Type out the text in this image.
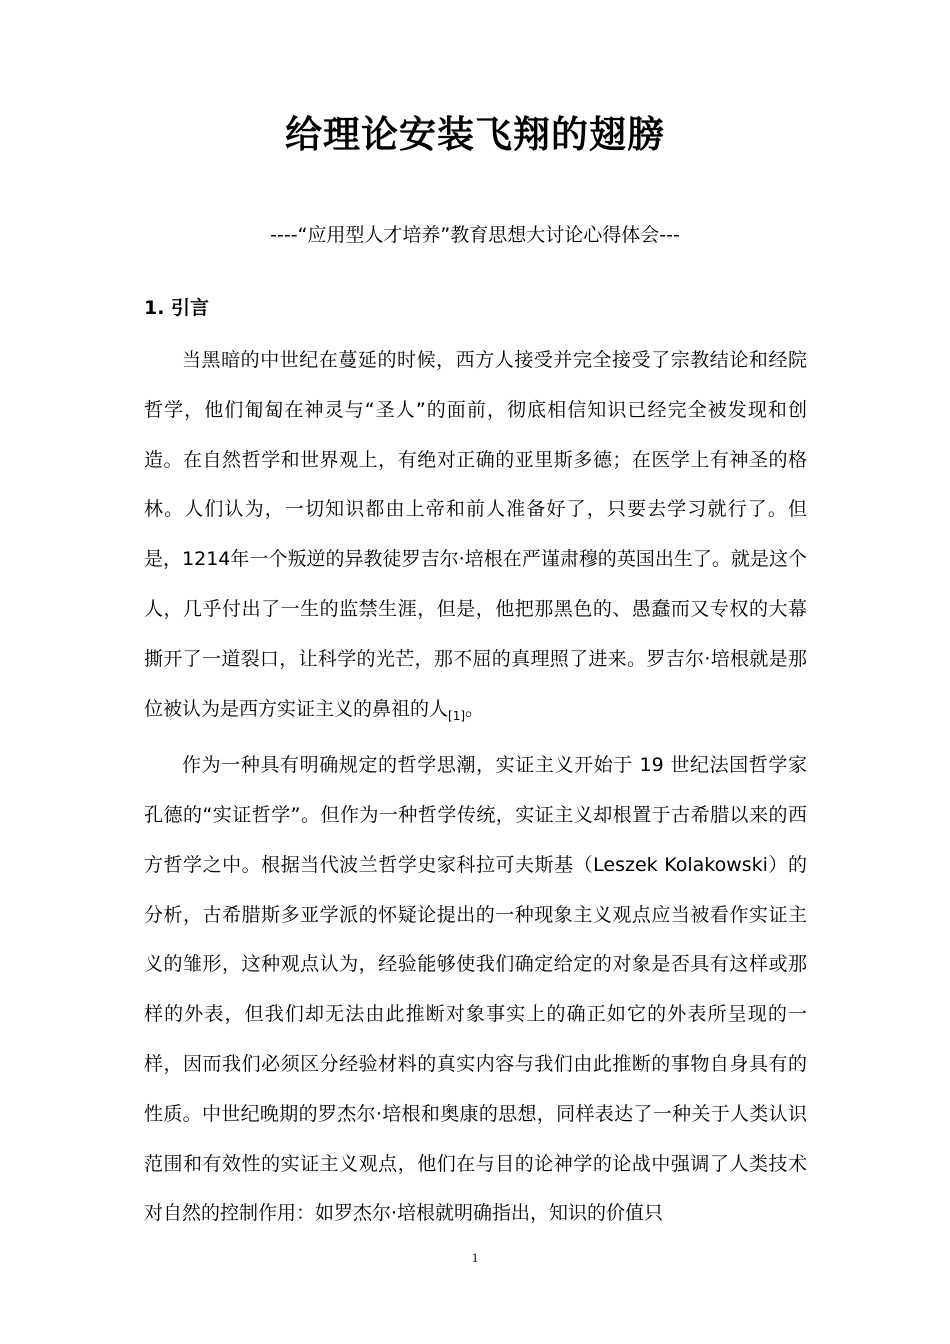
给理论安装飞翔的翅膀
----“应用型人才培养”教育思想大讨论心得体会---
1. 引言

当黑暗的中世纪在蔓延的时候，西方人接受并完全接受了宗教结论和经院哲学，他们匍匐在神灵与“圣人”的面前，彻底相信知识已经完全被发现和创造。在自然哲学和世界观上，有绝对正确的亚里斯多德；在医学上有神圣的格林。人们认为，一切知识都由上帝和前人准备好了，只要去学习就行了。但是，1214年一个叛逆的异教徒罗吉尔·培根在严谨肃穆的英国出生了。就是这个人，几乎付出了一生的监禁生涯，但是，他把那黑色的、愚蠢而又专权的大幕撕开了一道裂口，让科学的光芒，那不屈的真理照了进来。罗吉尔·培根就是那位被认为是西方实证主义的鼻祖的人$_{[1]}$。

作为一种具有明确规定的哲学思潮，实证主义开始于 19 世纪法国哲学家孔德的“实证哲学”。但作为一种哲学传统，实证主义却根置于古希腊以来的西方哲学之中。根据当代波兰哲学史家科拉可夫斯基（Leszek Kolakowski）的分析，古希腊斯多亚学派的怀疑论提出的一种现象主义观点应当被看作实证主义的雏形，这种观点认为，经验能够使我们确定给定的对象是否具有这样或那样的外表，但我们却无法由此推断对象事实上的确正如它的外表所呈现的一样，因而我们必须区分经验材料的真实内容与我们由此推断的事物自身具有的性质。中世纪晚期的罗杰尔·培根和奥康的思想，同样表达了一种关于人类认识范围和有效性的实证主义观点，他们在与目的论神学的论战中强调了人类技术对自然的控制作用：如罗杰尔·培根就明确指出，知识的价值只

1
